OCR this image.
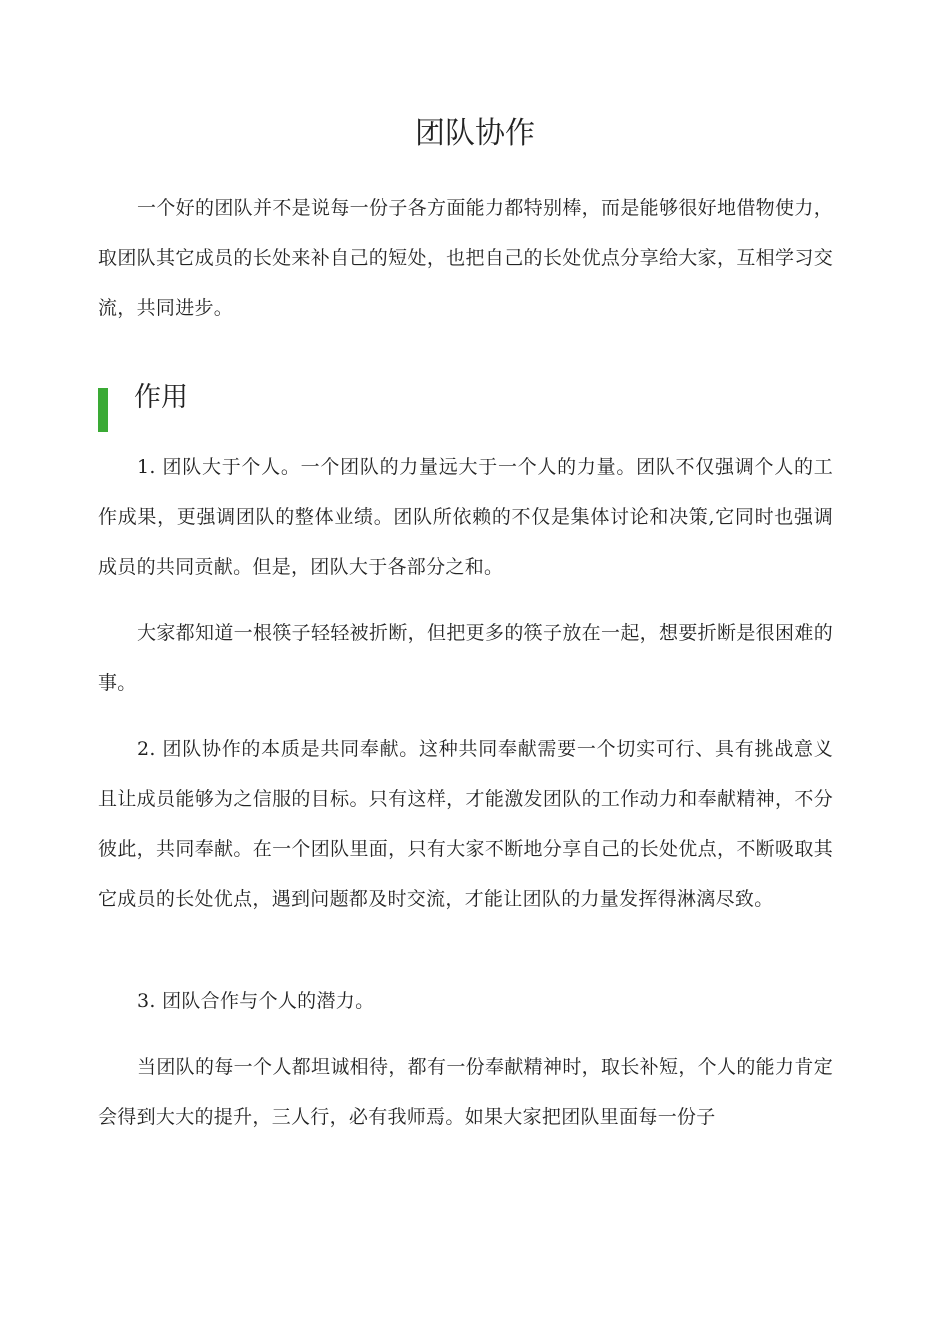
团队协作

一个好的团队并不是说每一份子各方面能力都特别棒，而是能够很好地借物使力，取团队其它成员的长处来补自己的短处，也把自己的长处优点分享给大家，互相学习交流，共同进步。

作用

1. 团队大于个人。一个团队的力量远大于一个人的力量。团队不仅强调个人的工作成果，更强调团队的整体业绩。团队所依赖的不仅是集体讨论和决策,它同时也强调成员的共同贡献。但是，团队大于各部分之和。

大家都知道一根筷子轻轻被折断，但把更多的筷子放在一起，想要折断是很困难的事。

2. 团队协作的本质是共同奉献。这种共同奉献需要一个切实可行、具有挑战意义且让成员能够为之信服的目标。只有这样，才能激发团队的工作动力和奉献精神，不分彼此，共同奉献。在一个团队里面，只有大家不断地分享自己的长处优点，不断吸取其它成员的长处优点，遇到问题都及时交流，才能让团队的力量发挥得淋漓尽致。

3. 团队合作与个人的潜力。

当团队的每一个人都坦诚相待，都有一份奉献精神时，取长补短，个人的能力肯定会得到大大的提升，三人行，必有我师焉。如果大家把团队里面每一份子
